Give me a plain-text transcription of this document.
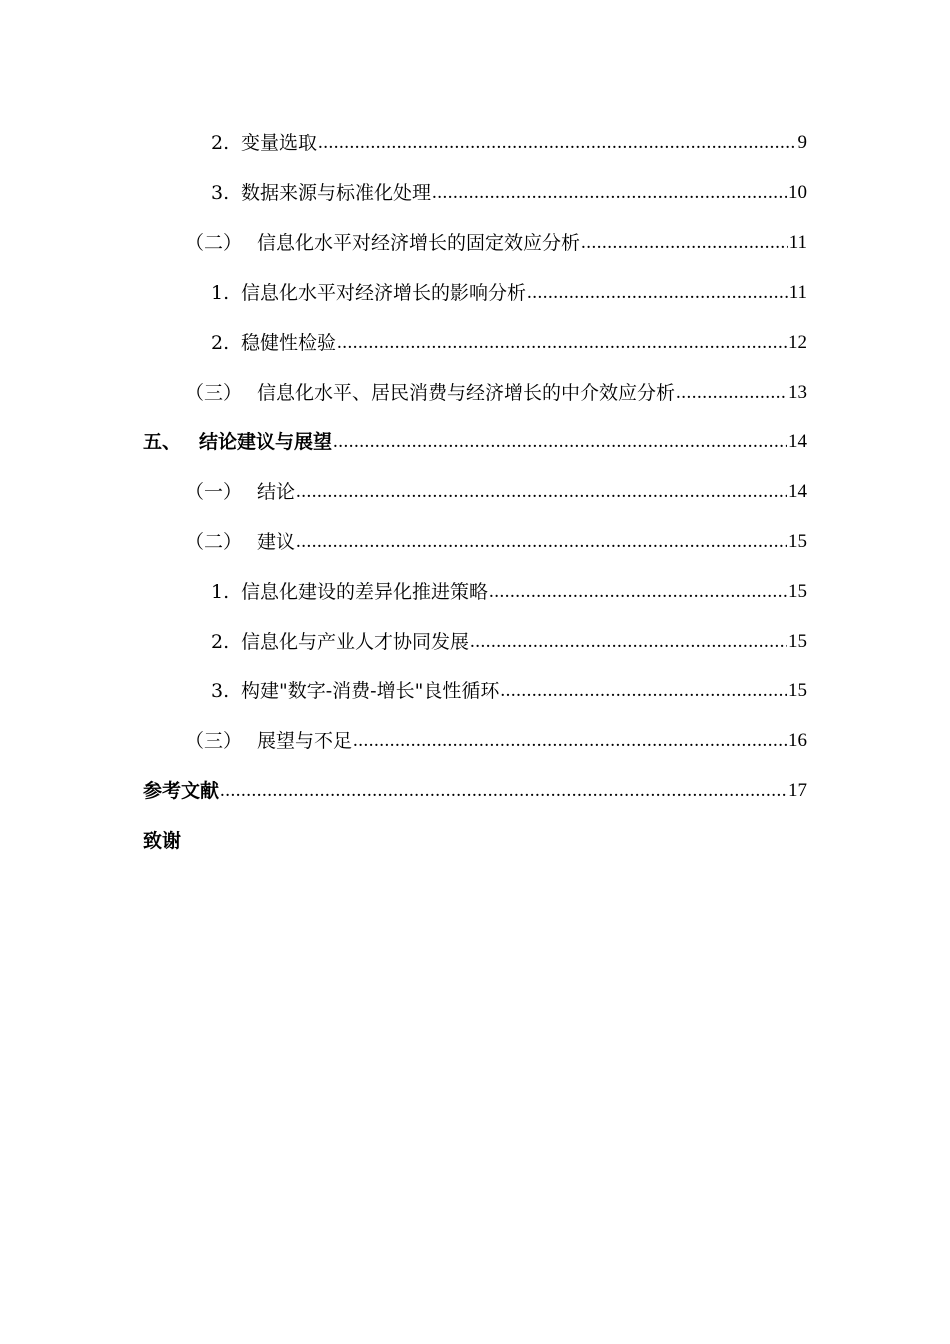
2. 变量选取 .....	9
3. 数据来源与标准化处理 .....	10
（二） 信息化水平对经济增长的固定效应分析 .....	11
1. 信息化水平对经济增长的影响分析 .....	11
2. 稳健性检验 .....	12
（三） 信息化水平、居民消费与经济增长的中介效应分析 .....	13
五、 结论建议与展望 .....	14
（一） 结论 .....	14
（二） 建议 .....	15
1. 信息化建设的差异化推进策略 .....	15
2. 信息化与产业人才协同发展 .....	15
3. 构建"数字-消费-增长"良性循环 .....	15
（三） 展望与不足 .....	16
参考文献 .....	17
致谢
